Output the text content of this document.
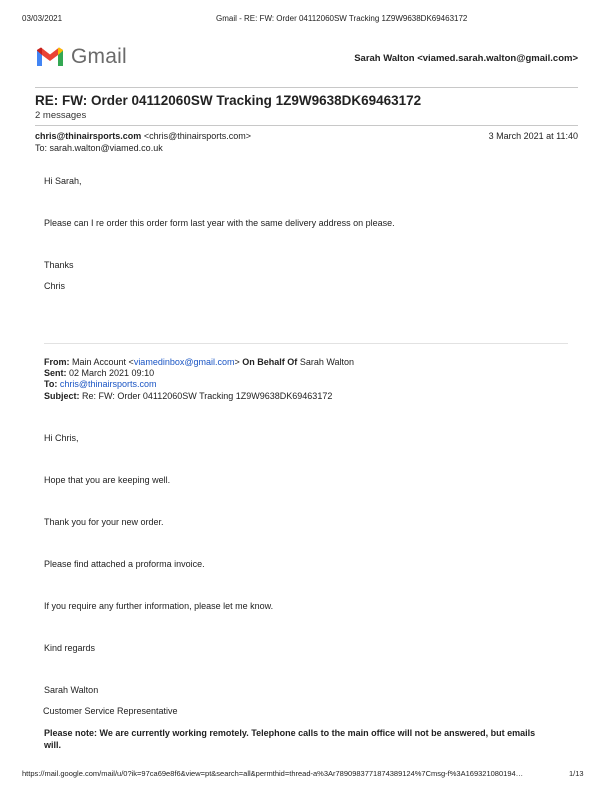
03/03/2021	Gmail - RE: FW: Order 04112060SW Tracking 1Z9W9638DK69463172
Gmail	Sarah Walton <viamed.sarah.walton@gmail.com>
RE: FW: Order 04112060SW Tracking 1Z9W9638DK69463172
2 messages
chris@thinairsports.com <chris@thinairsports.com>	3 March 2021 at 11:40
To: sarah.walton@viamed.co.uk
Hi Sarah,
Please can I re order this order form last year with the same delivery address on please.
Thanks
Chris
From: Main Account <viamedinbox@gmail.com> On Behalf Of Sarah Walton
Sent: 02 March 2021 09:10
To: chris@thinairsports.com
Subject: Re: FW: Order 04112060SW Tracking 1Z9W9638DK69463172
Hi Chris,
Hope that you are keeping well.
Thank you for your new order.
Please find attached a proforma invoice.
If you require any further information, please let me know.
Kind regards
Sarah Walton
Customer Service Representative
Please note: We are currently working remotely. Telephone calls to the main office will not be answered, but emails will.
https://mail.google.com/mail/u/0?ik=97ca69e8f6&view=pt&search=all&permthid=thread-a%3Ar7890983771874389124%7Cmsg-f%3A169321080194…	1/13
